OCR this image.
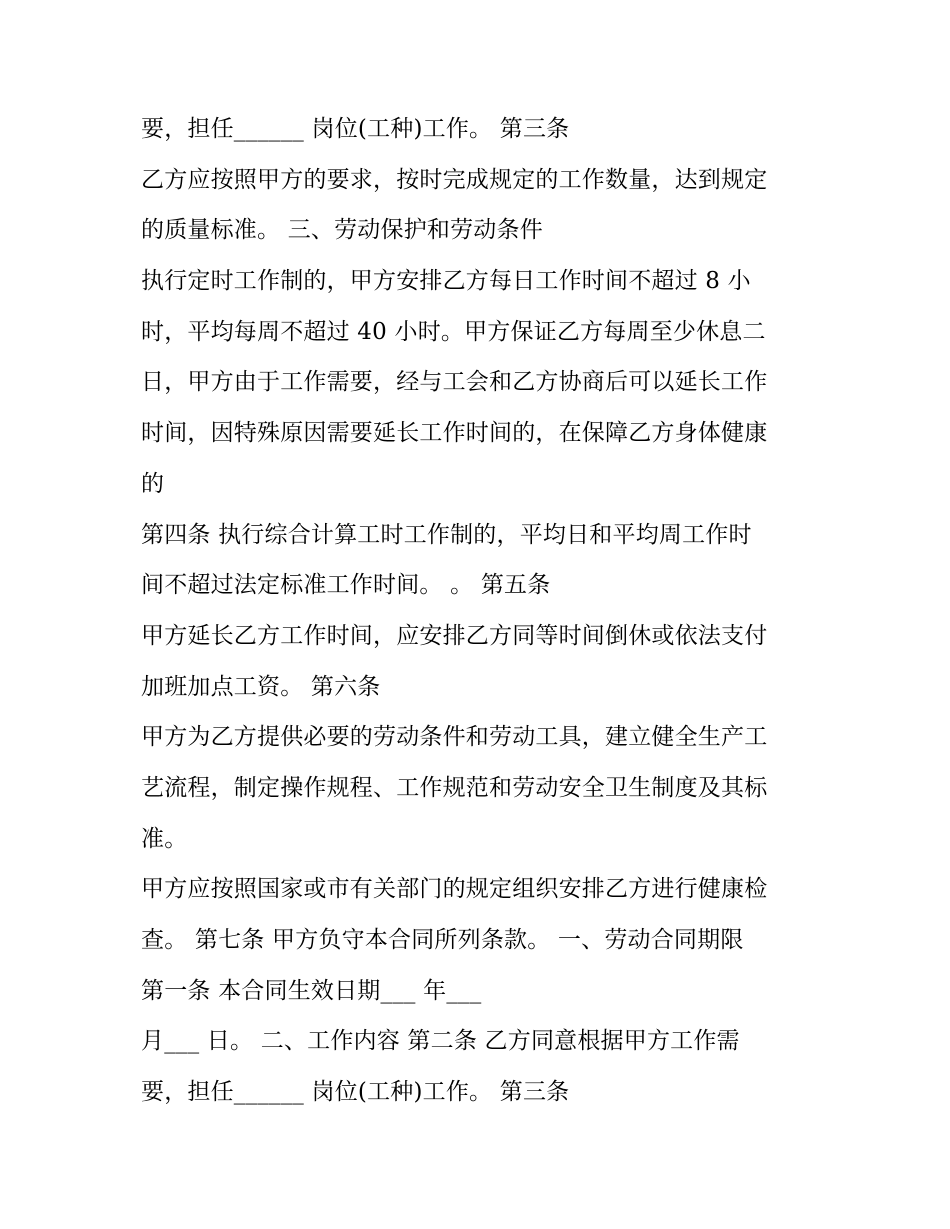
要，担任______ 岗位(工种)工作。 第三条
乙方应按照甲方的要求，按时完成规定的工作数量，达到规定
的质量标准。 三、劳动保护和劳动条件
执行定时工作制的，甲方安排乙方每日工作时间不超过 8 小
时，平均每周不超过 40 小时。甲方保证乙方每周至少休息二
日，甲方由于工作需要，经与工会和乙方协商后可以延长工作
时间，因特殊原因需要延长工作时间的，在保障乙方身体健康
的
第四条 执行综合计算工时工作制的，平均日和平均周工作时
间不超过法定标准工作时间。 。 第五条
甲方延长乙方工作时间，应安排乙方同等时间倒休或依法支付
加班加点工资。 第六条
甲方为乙方提供必要的劳动条件和劳动工具，建立健全生产工
艺流程，制定操作规程、工作规范和劳动安全卫生制度及其标
准。
甲方应按照国家或市有关部门的规定组织安排乙方进行健康检
查。 第七条 甲方负守本合同所列条款。 一、劳动合同期限
第一条 本合同生效日期___ 年___
月___ 日。 二、工作内容 第二条 乙方同意根据甲方工作需
要，担任______ 岗位(工种)工作。 第三条
